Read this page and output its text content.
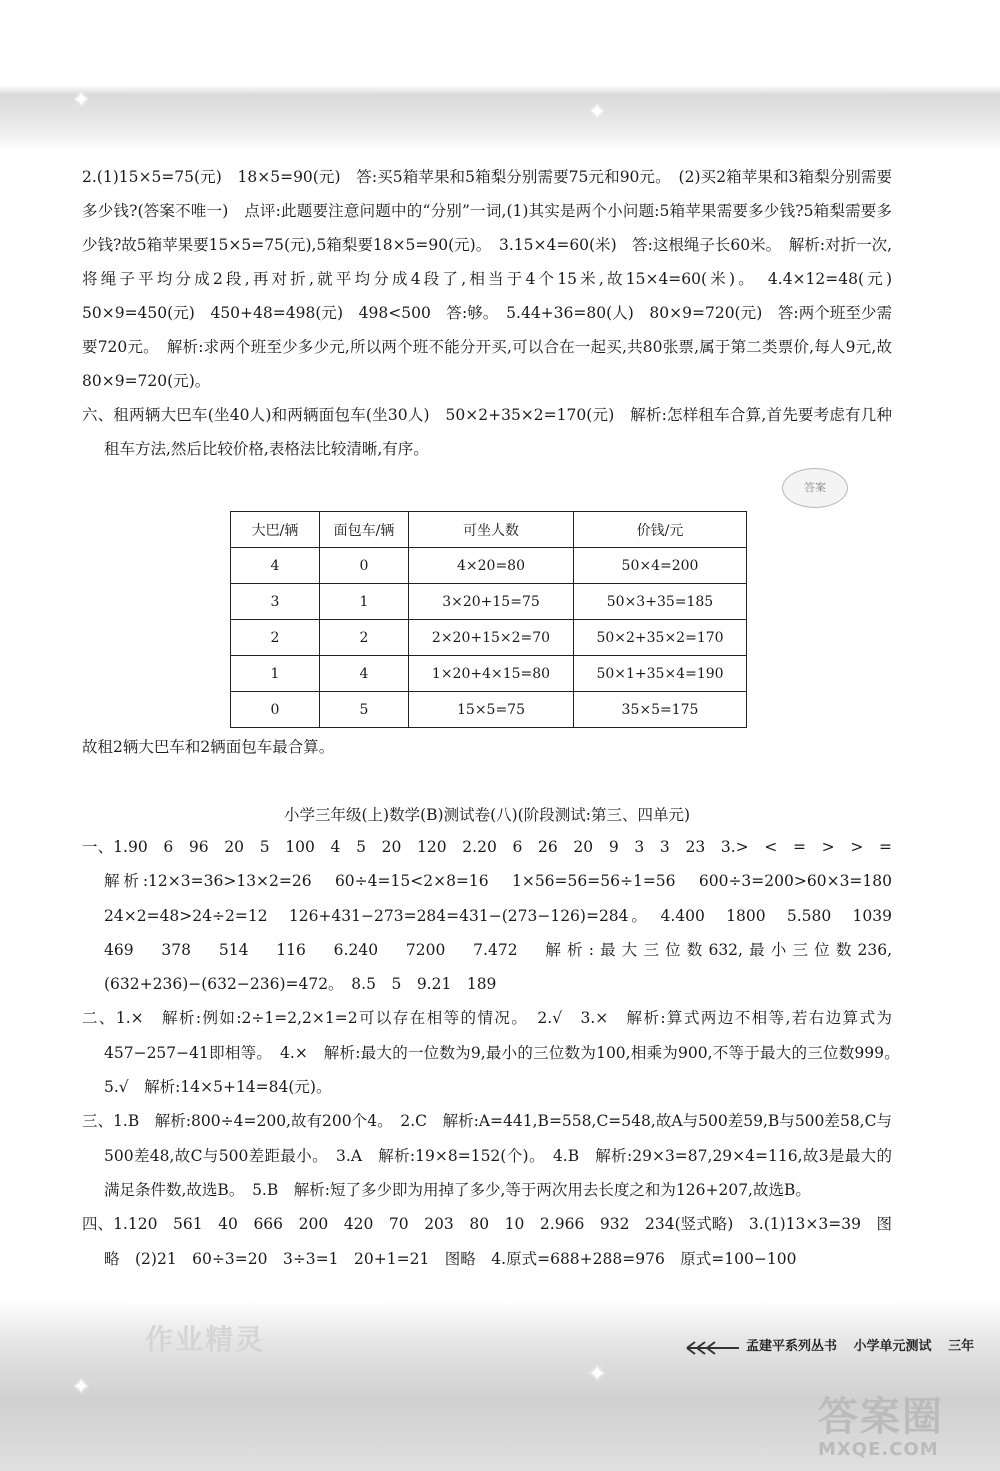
✦	✦
✦
✦

2.(1)15×5=75(元)　18×5=90(元)　答:买5箱苹果和5箱梨分别需要75元和90元。　(2)买2箱苹果和3箱梨分别需要多少钱?(答案不唯一)　点评:此题要注意问题中的“分别”一词,(1)其实是两个小问题:5箱苹果需要多少钱?5箱梨需要多少钱?故5箱苹果要15×5=75(元),5箱梨要18×5=90(元)。　3.15×4=60(米)　答:这根绳子长60米。　解析:对折一次,将绳子平均分成2段,再对折,就平均分成4段了,相当于4个15米,故15×4=60(米)。　4.4×12=48(元)　50×9=450(元)　450+48=498(元)　498<500　答:够。　5.44+36=80(人)　80×9=720(元)　答:两个班至少需要720元。　解析:求两个班至少多少元,所以两个班不能分开买,可以合在一起买,共80张票,属于第二类票价,每人9元,故80×9=720(元)。

六、租两辆大巴车(坐40人)和两辆面包车(坐30人)　50×2+35×2=170(元)　解析:怎样租车合算,首先要考虑有几种租车方法,然后比较价格,表格法比较清晰,有序。

答案
大巴/辆	面包车/辆	可坐人数	价钱/元
4	0	4×20=80	50×4=200
3	1	3×20+15=75	50×3+35=185
2	2	2×20+15×2=70	50×2+35×2=170
1	4	1×20+4×15=80	50×1+35×4=190
0	5	15×5=75	35×5=175
故租2辆大巴车和2辆面包车最合算。
小学三年级(上)数学(B)测试卷(八)(阶段测试:第三、四单元)

一、1.90　6　96　20　5　100　4　5　20　120　2.20　6　26　20　9　3　3　23　3.>　<　=　>　>　=　解析:12×3=36>13×2=26　60÷4=15<2×8=16　1×56=56=56÷1=56　600÷3=200>60×3=180　24×2=48>24÷2=12　126+431−273=284=431−(273−126)=284。　4.400　1800　5.580　1039　469　378　514　116　6.240　7200　7.472　解析:最大三位数632,最小三位数236,(632+236)−(632−236)=472。　8.5　5　9.21　189

二、1.×　解析:例如:2÷1=2,2×1=2可以存在相等的情况。　2.√　3.×　解析:算式两边不相等,若右边算式为457−257−41即相等。　4.×　解析:最大的一位数为9,最小的三位数为100,相乘为900,不等于最大的三位数999。　5.√　解析:14×5+14=84(元)。

三、1.B　解析:800÷4=200,故有200个4。　2.C　解析:A=441,B=558,C=548,故A与500差59,B与500差58,C与500差48,故C与500差距最小。　3.A　解析:19×8=152(个)。　4.B　解析:29×3=87,29×4=116,故3是最大的满足条件数,故选B。　5.B　解析:短了多少即为用掉了多少,等于两次用去长度之和为126+207,故选B。

四、1.120　561　40　666　200　420　70　203　80　10　2.966　932　234(竖式略)　3.(1)13×3=39　图略　(2)21　60÷3=20　3÷3=1　20+1=21　图略　4.原式=688+288=976　原式=100−100

作业精灵	孟建平系列丛书 小学单元测试 三年
答案圈
MXQE.COM
